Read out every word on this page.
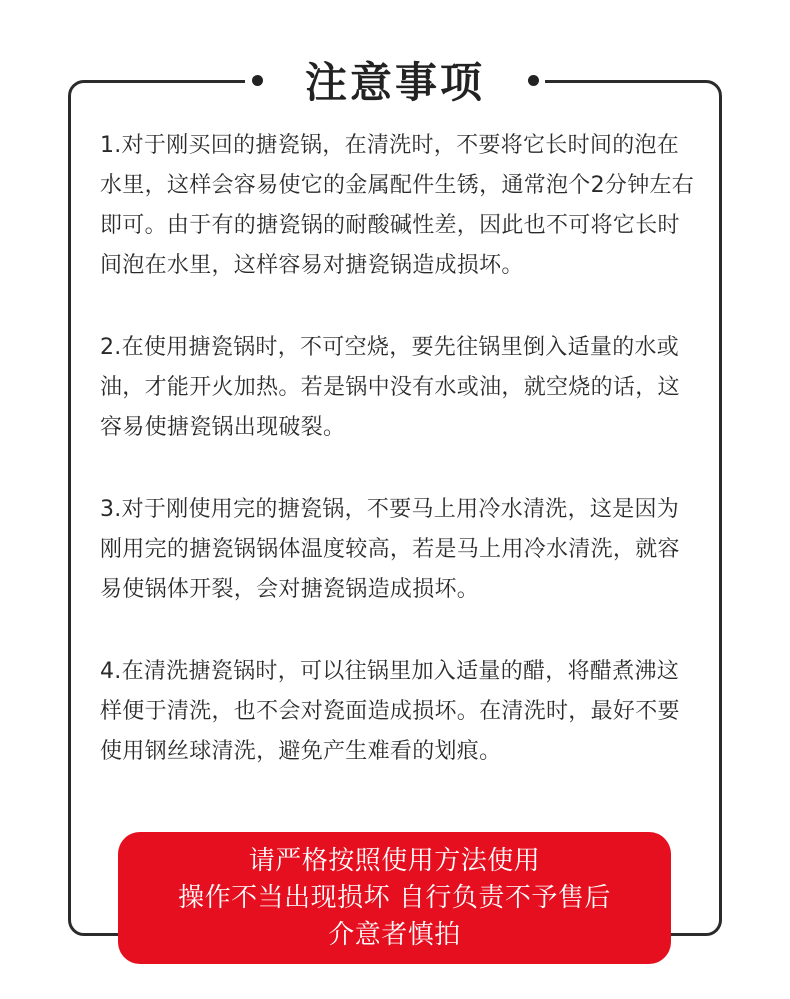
注意事项

1.对于刚买回的搪瓷锅，在清洗时，不要将它长时间的泡在水里，这样会容易使它的金属配件生锈，通常泡个2分钟左右即可。由于有的搪瓷锅的耐酸碱性差，因此也不可将它长时间泡在水里，这样容易对搪瓷锅造成损坏。

2.在使用搪瓷锅时，不可空烧，要先往锅里倒入适量的水或油，才能开火加热。若是锅中没有水或油，就空烧的话，这容易使搪瓷锅出现破裂。

3.对于刚使用完的搪瓷锅，不要马上用冷水清洗，这是因为刚用完的搪瓷锅锅体温度较高，若是马上用冷水清洗，就容易使锅体开裂，会对搪瓷锅造成损坏。

4.在清洗搪瓷锅时，可以往锅里加入适量的醋，将醋煮沸这样便于清洗，也不会对瓷面造成损坏。在清洗时，最好不要使用钢丝球清洗，避免产生难看的划痕。

请严格按照使用方法使用
操作不当出现损坏 自行负责不予售后
介意者慎拍
